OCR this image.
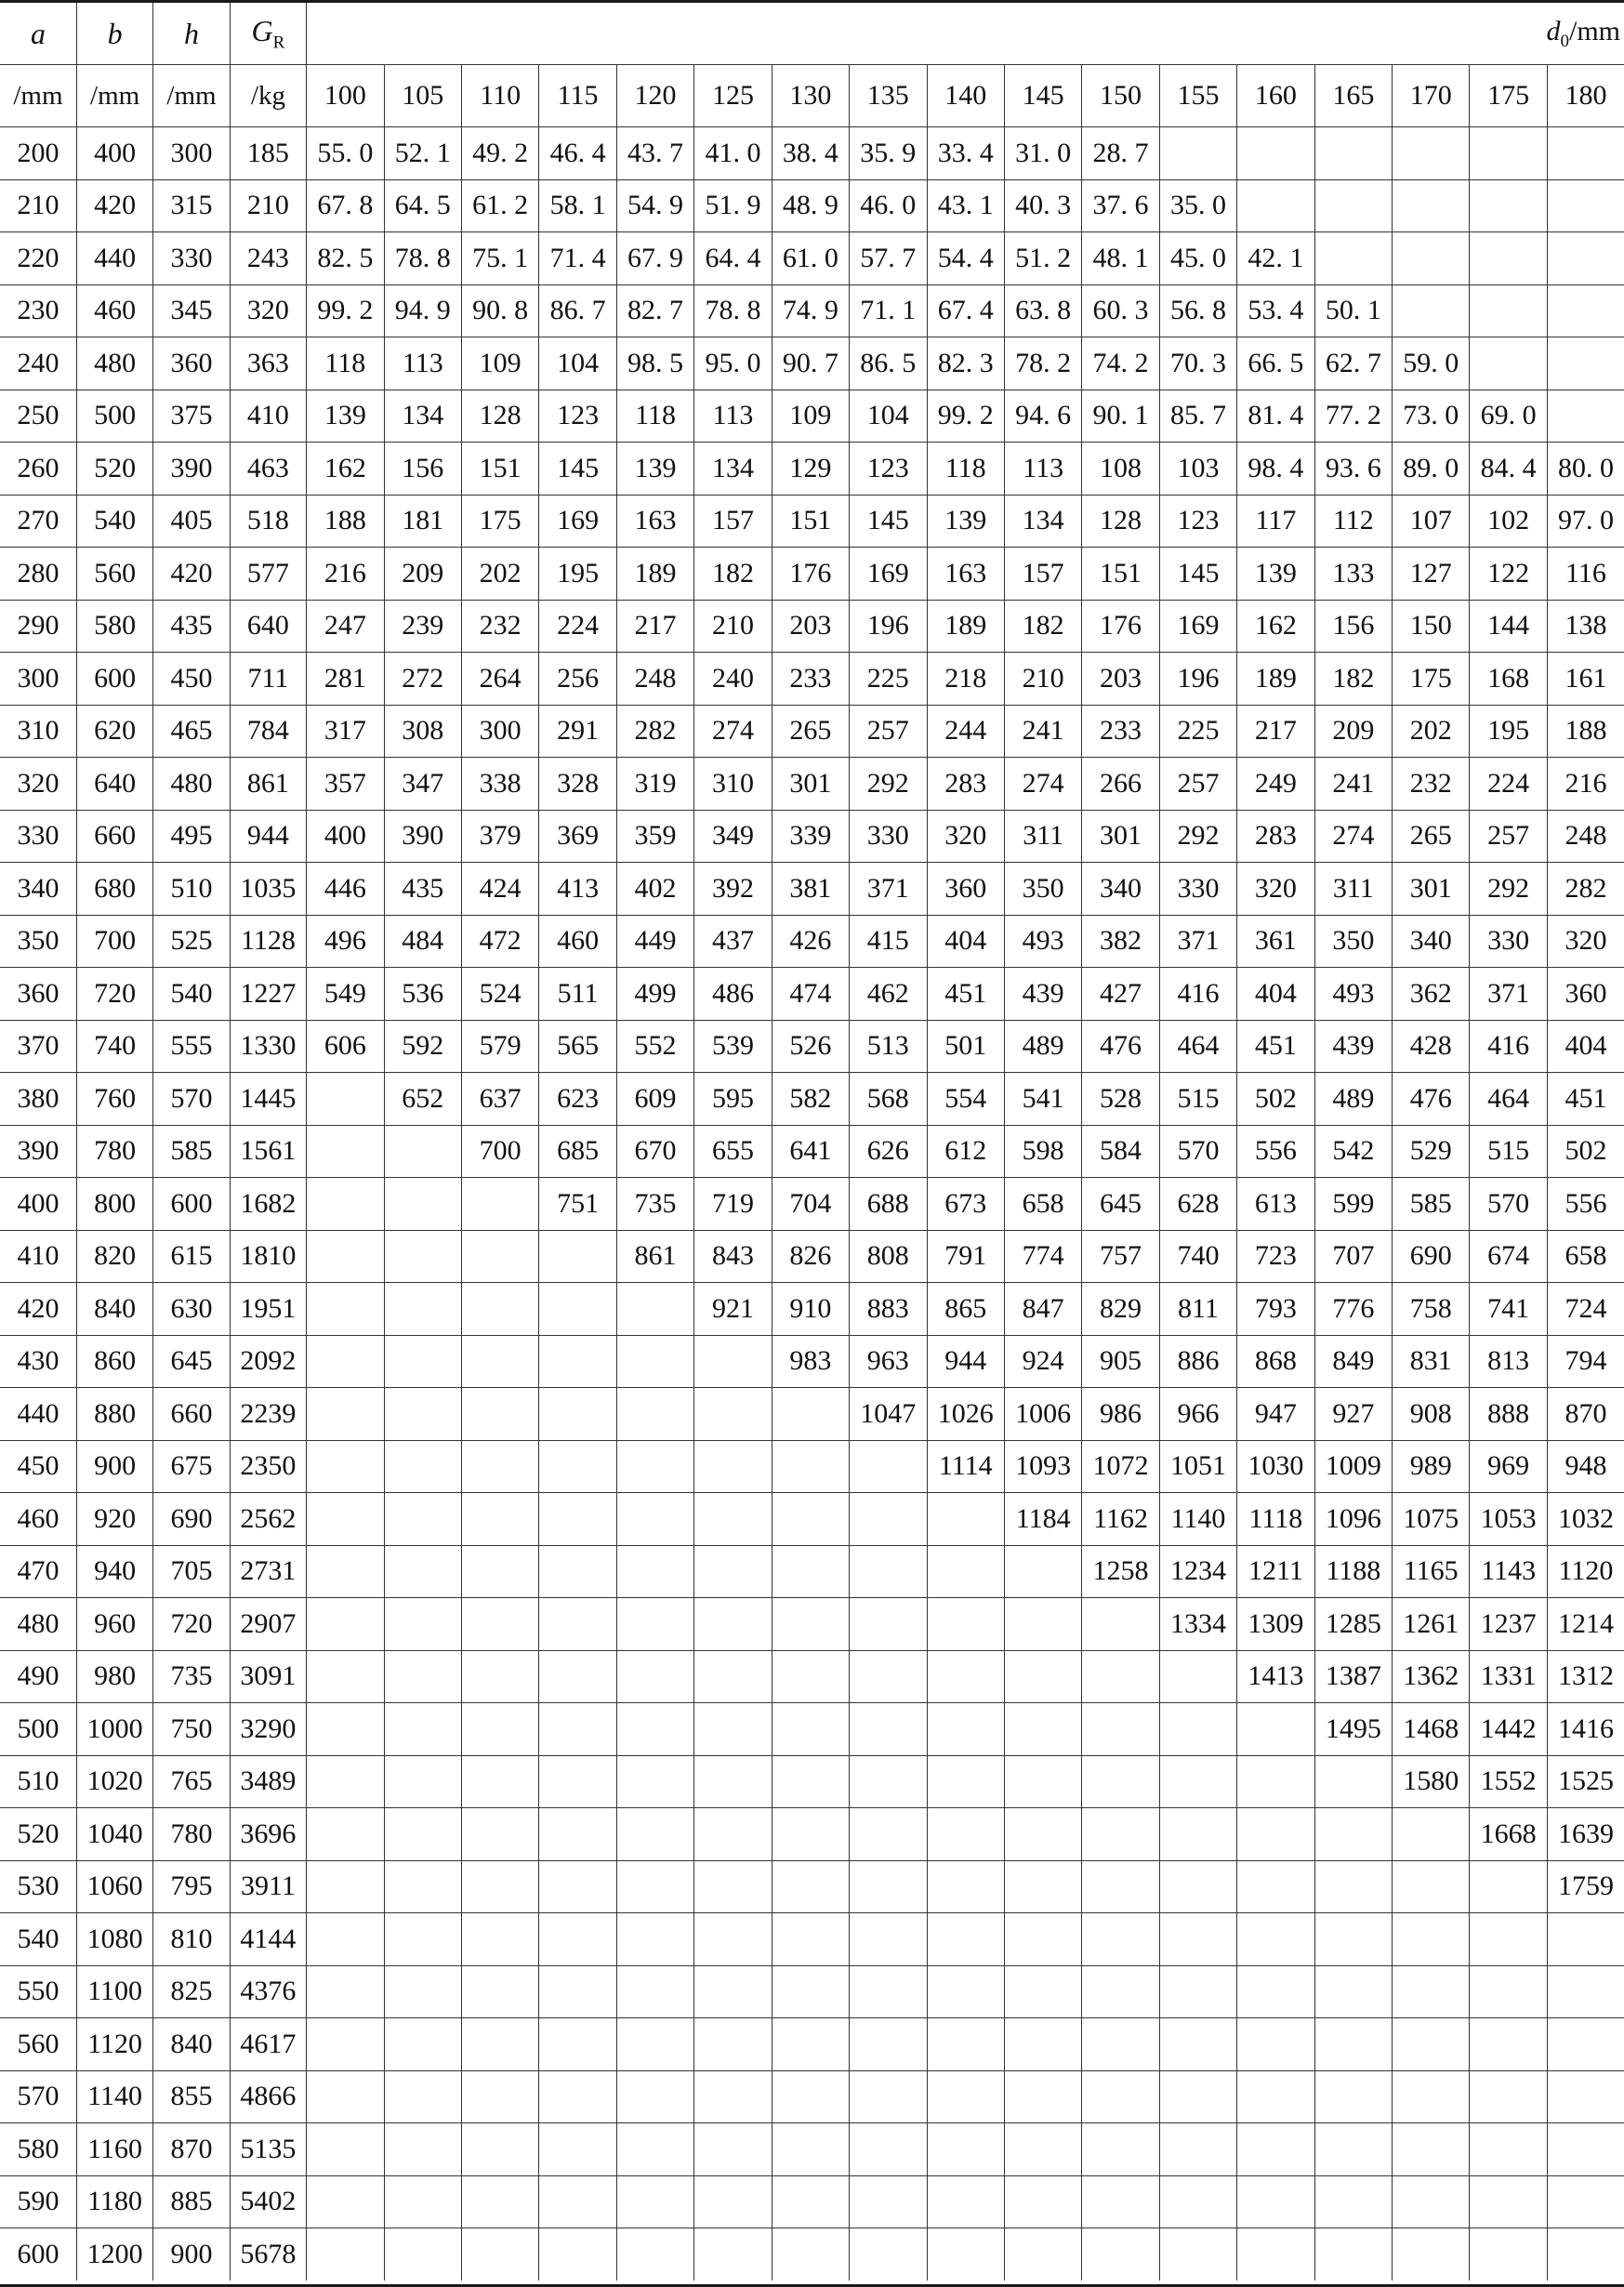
a	b	h	$G_R$	$d_0/mm$																
/mm	/mm	/mm	/kg	100	105	110	115	120	125	130	135	140	145	150	155	160	165	170	175	180
200	400	300	185	55. 0	52. 1	49. 2	46. 4	43. 7	41. 0	38. 4	35. 9	33. 4	31. 0	28. 7						
210	420	315	210	67. 8	64. 5	61. 2	58. 1	54. 9	51. 9	48. 9	46. 0	43. 1	40. 3	37. 6	35. 0					
220	440	330	243	82. 5	78. 8	75. 1	71. 4	67. 9	64. 4	61. 0	57. 7	54. 4	51. 2	48. 1	45. 0	42. 1				
230	460	345	320	99. 2	94. 9	90. 8	86. 7	82. 7	78. 8	74. 9	71. 1	67. 4	63. 8	60. 3	56. 8	53. 4	50. 1			
240	480	360	363	118	113	109	104	98. 5	95. 0	90. 7	86. 5	82. 3	78. 2	74. 2	70. 3	66. 5	62. 7	59. 0		
250	500	375	410	139	134	128	123	118	113	109	104	99. 2	94. 6	90. 1	85. 7	81. 4	77. 2	73. 0	69. 0	
260	520	390	463	162	156	151	145	139	134	129	123	118	113	108	103	98. 4	93. 6	89. 0	84. 4	80. 0
270	540	405	518	188	181	175	169	163	157	151	145	139	134	128	123	117	112	107	102	97. 0
280	560	420	577	216	209	202	195	189	182	176	169	163	157	151	145	139	133	127	122	116
290	580	435	640	247	239	232	224	217	210	203	196	189	182	176	169	162	156	150	144	138
300	600	450	711	281	272	264	256	248	240	233	225	218	210	203	196	189	182	175	168	161
310	620	465	784	317	308	300	291	282	274	265	257	244	241	233	225	217	209	202	195	188
320	640	480	861	357	347	338	328	319	310	301	292	283	274	266	257	249	241	232	224	216
330	660	495	944	400	390	379	369	359	349	339	330	320	311	301	292	283	274	265	257	248
340	680	510	1035	446	435	424	413	402	392	381	371	360	350	340	330	320	311	301	292	282
350	700	525	1128	496	484	472	460	449	437	426	415	404	493	382	371	361	350	340	330	320
360	720	540	1227	549	536	524	511	499	486	474	462	451	439	427	416	404	493	362	371	360
370	740	555	1330	606	592	579	565	552	539	526	513	501	489	476	464	451	439	428	416	404
380	760	570	1445		652	637	623	609	595	582	568	554	541	528	515	502	489	476	464	451
390	780	585	1561			700	685	670	655	641	626	612	598	584	570	556	542	529	515	502
400	800	600	1682				751	735	719	704	688	673	658	645	628	613	599	585	570	556
410	820	615	1810					861	843	826	808	791	774	757	740	723	707	690	674	658
420	840	630	1951						921	910	883	865	847	829	811	793	776	758	741	724
430	860	645	2092							983	963	944	924	905	886	868	849	831	813	794
440	880	660	2239								1047	1026	1006	986	966	947	927	908	888	870
450	900	675	2350									1114	1093	1072	1051	1030	1009	989	969	948
460	920	690	2562										1184	1162	1140	1118	1096	1075	1053	1032
470	940	705	2731											1258	1234	1211	1188	1165	1143	1120
480	960	720	2907												1334	1309	1285	1261	1237	1214
490	980	735	3091													1413	1387	1362	1331	1312
500	1000	750	3290														1495	1468	1442	1416
510	1020	765	3489															1580	1552	1525
520	1040	780	3696																1668	1639
530	1060	795	3911																	1759
540	1080	810	4144																	
550	1100	825	4376																	
560	1120	840	4617																	
570	1140	855	4866																	
580	1160	870	5135																	
590	1180	885	5402																	
600	1200	900	5678																	
